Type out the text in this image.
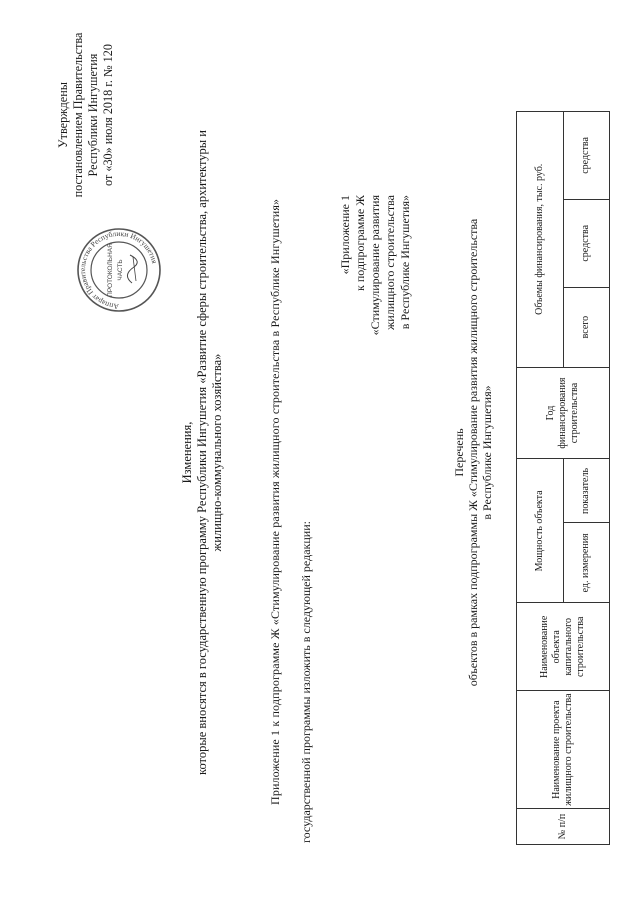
Аппарат Правительства Республики Ингушетия
ПРОТОКОЛЬНАЯ ЧАСТЬ
Утверждены постановлением Правительства Республики Ингушетия от «30» июля 2018 г. № 120
Изменения, которые вносятся в государственную программу Республики Ингушетия «Развитие сферы строительства, архитектуры и жилищно-коммунального хозяйства»	Приложение 1 к подпрограмме Ж «Стимулирование развития жилищного строительства в Республике Ингушетия» государственной программы изложить в следующей редакции:
«Приложение 1 к подпрограмме Ж «Стимулирование развития жилищного строительства в Республике Ингушетия»
Перечень объектов в рамках подпрограммы Ж «Стимулирование развития жилищного строительства в Республике Ингушетия»
№ п/п	Наименование проекта жилищного строительства	Наименование объекта капитального строительства	Мощность объекта		Год финансирования строительства	Объемы финансирования, тыс. руб.		
			ед. измерения	показатель		всего	средства	средства
